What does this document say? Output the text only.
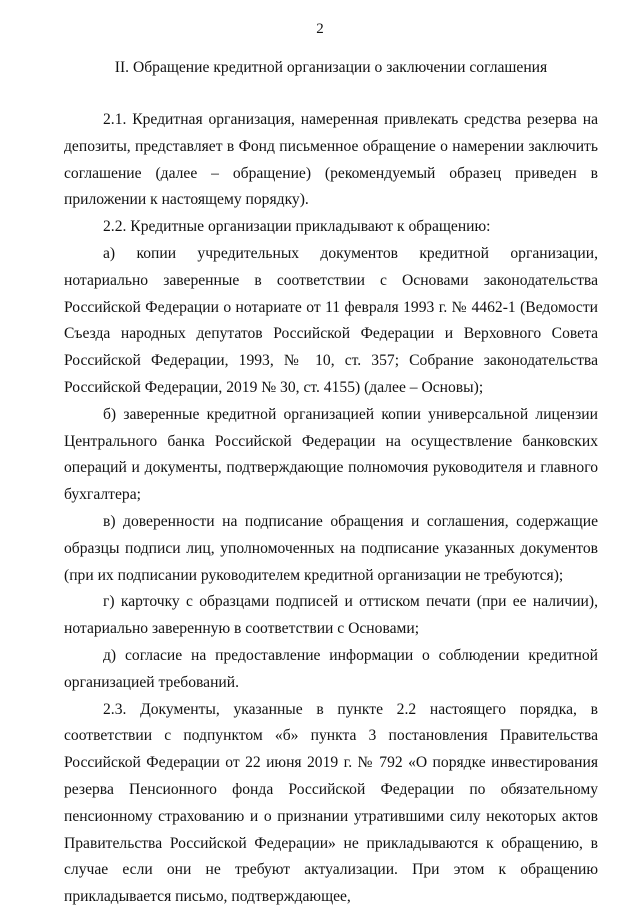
2
II. Обращение кредитной организации о заключении соглашения

2.1. Кредитная организация, намеренная привлекать средства резерва на депозиты, представляет в Фонд письменное обращение о намерении заключить соглашение (далее – обращение) (рекомендуемый образец приведен в приложении к настоящему порядку).

2.2. Кредитные организации прикладывают к обращению:

а) копии учредительных документов кредитной организации, нотариально заверенные в соответствии с Основами законодательства Российской Федерации о нотариате от 11 февраля 1993 г. № 4462-1 (Ведомости Съезда народных депутатов Российской Федерации и Верховного Совета Российской Федерации, 1993, № 10, ст. 357; Собрание законодательства Российской Федерации, 2019 № 30, ст. 4155) (далее – Основы);

б) заверенные кредитной организацией копии универсальной лицензии Центрального банка Российской Федерации на осуществление банковских операций и документы, подтверждающие полномочия руководителя и главного бухгалтера;

в) доверенности на подписание обращения и соглашения, содержащие образцы подписи лиц, уполномоченных на подписание указанных документов (при их подписании руководителем кредитной организации не требуются);

г) карточку с образцами подписей и оттиском печати (при ее наличии), нотариально заверенную в соответствии с Основами;

д) согласие на предоставление информации о соблюдении кредитной организацией требований.

2.3. Документы, указанные в пункте 2.2 настоящего порядка, в соответствии с подпунктом «б» пункта 3 постановления Правительства Российской Федерации от 22 июня 2019 г. № 792 «О порядке инвестирования резерва Пенсионного фонда Российской Федерации по обязательному пенсионному страхованию и о признании утратившими силу некоторых актов Правительства Российской Федерации» не прикладываются к обращению, в случае если они не требуют актуализации. При этом к обращению прикладывается письмо, подтверждающее,
